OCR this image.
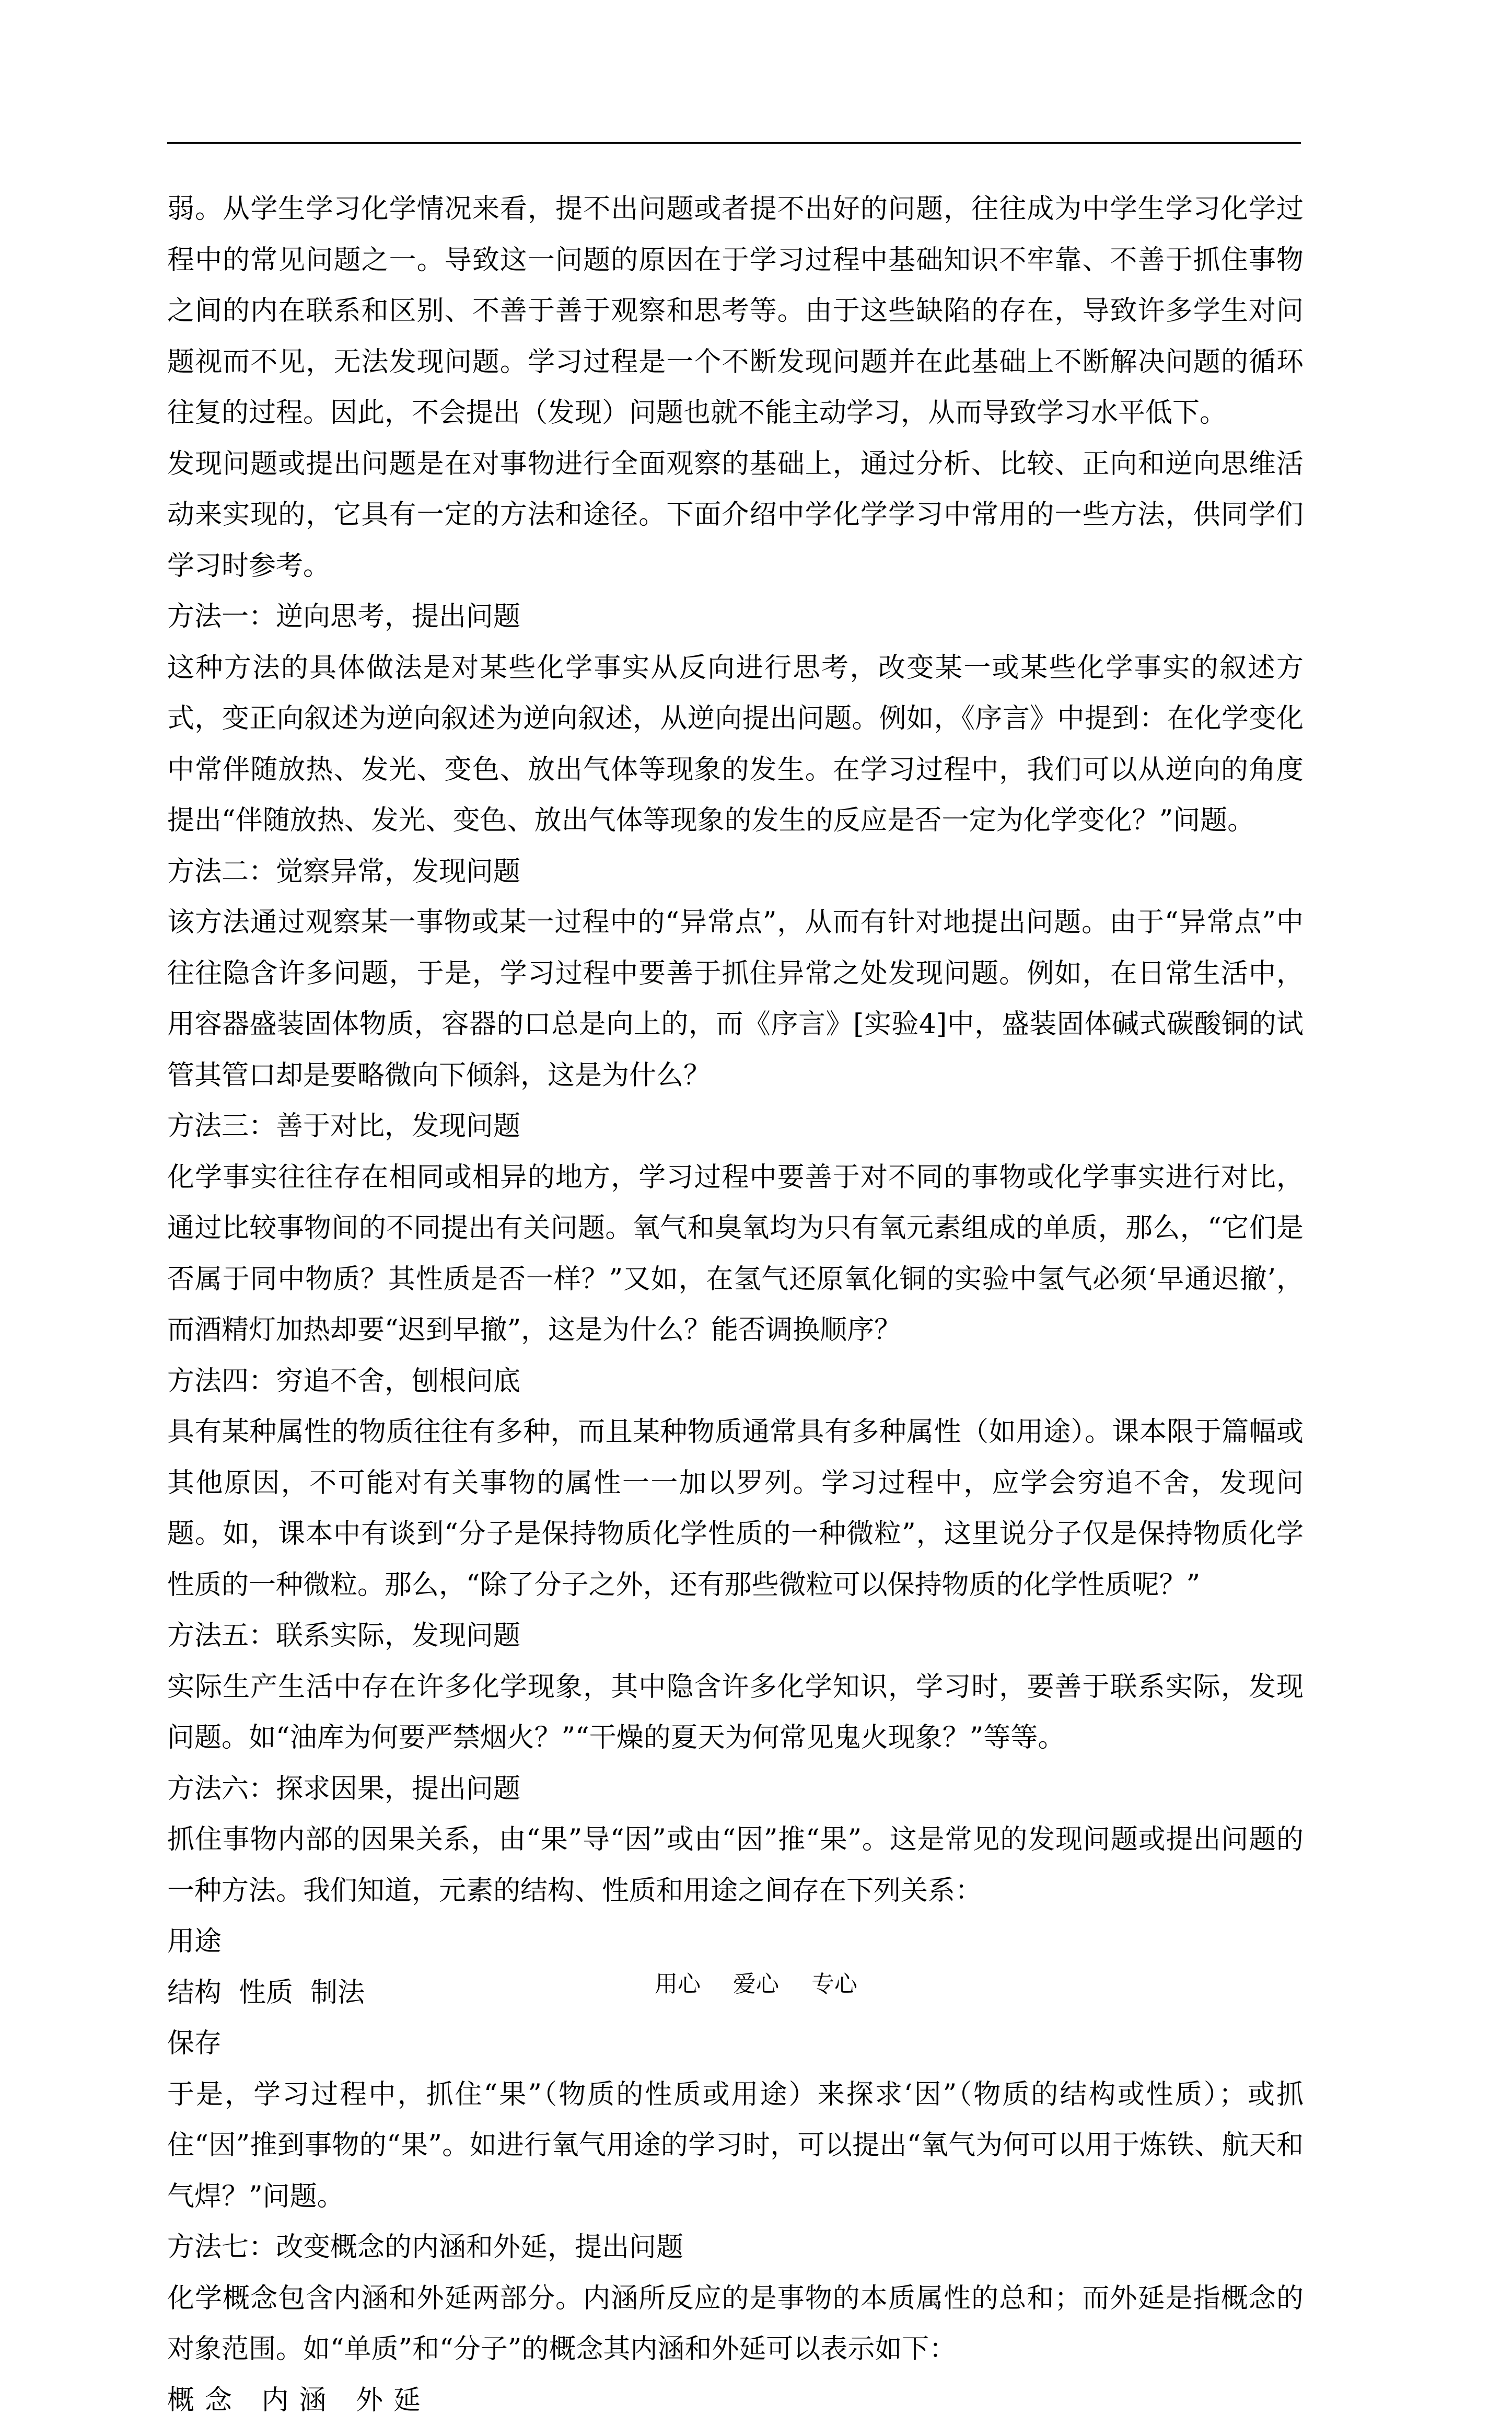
弱。从学生学习化学情况来看，提不出问题或者提不出好的问题，往往成为中学生学习化学过程中的常见问题之一。导致这一问题的原因在于学习过程中基础知识不牢靠、不善于抓住事物之间的内在联系和区别、不善于善于观察和思考等。由于这些缺陷的存在，导致许多学生对问题视而不见，无法发现问题。学习过程是一个不断发现问题并在此基础上不断解决问题的循环往复的过程。因此，不会提出（发现）问题也就不能主动学习，从而导致学习水平低下。

发现问题或提出问题是在对事物进行全面观察的基础上，通过分析、比较、正向和逆向思维活动来实现的，它具有一定的方法和途径。下面介绍中学化学学习中常用的一些方法，供同学们学习时参考。

方法一：逆向思考，提出问题

这种方法的具体做法是对某些化学事实从反向进行思考，改变某一或某些化学事实的叙述方式，变正向叙述为逆向叙述为逆向叙述，从逆向提出问题。例如，《序言》中提到：在化学变化中常伴随放热、发光、变色、放出气体等现象的发生。在学习过程中，我们可以从逆向的角度提出“伴随放热、发光、变色、放出气体等现象的发生的反应是否一定为化学变化？”问题。

方法二：觉察异常，发现问题

该方法通过观察某一事物或某一过程中的“异常点”，从而有针对地提出问题。由于“异常点”中往往隐含许多问题，于是，学习过程中要善于抓住异常之处发现问题。例如，在日常生活中，用容器盛装固体物质，容器的口总是向上的，而《序言》[实验4]中，盛装固体碱式碳酸铜的试管其管口却是要略微向下倾斜，这是为什么？

方法三：善于对比，发现问题

化学事实往往存在相同或相异的地方，学习过程中要善于对不同的事物或化学事实进行对比，通过比较事物间的不同提出有关问题。氧气和臭氧均为只有氧元素组成的单质，那么，“它们是否属于同中物质？其性质是否一样？”又如，在氢气还原氧化铜的实验中氢气必须‘早通迟撤’，而酒精灯加热却要“迟到早撤”，这是为什么？能否调换顺序？

方法四：穷追不舍，刨根问底

具有某种属性的物质往往有多种，而且某种物质通常具有多种属性（如用途）。课本限于篇幅或其他原因，不可能对有关事物的属性一一加以罗列。学习过程中，应学会穷追不舍，发现问题。如，课本中有谈到“分子是保持物质化学性质的一种微粒”，这里说分子仅是保持物质化学性质的一种微粒。那么，“除了分子之外，还有那些微粒可以保持物质的化学性质呢？”

方法五：联系实际，发现问题

实际生产生活中存在许多化学现象，其中隐含许多化学知识，学习时，要善于联系实际，发现问题。如“油库为何要严禁烟火？”“干燥的夏天为何常见鬼火现象？”等等。

方法六：探求因果，提出问题

抓住事物内部的因果关系，由“果”导“因”或由“因”推“果”。这是常见的发现问题或提出问题的一种方法。我们知道，元素的结构、性质和用途之间存在下列关系：

用途

结构  性质  制法

保存

于是，学习过程中，抓住“果”（物质的性质或用途）来探求‘因”（物质的结构或性质）；或抓住“因”推到事物的“果”。如进行氧气用途的学习时，可以提出“氧气为何可以用于炼铁、航天和气焊？”问题。

方法七：改变概念的内涵和外延，提出问题

化学概念包含内涵和外延两部分。内涵所反应的是事物的本质属性的总和；而外延是指概念的对象范围。如“单质”和“分子”的概念其内涵和外延可以表示如下：

概念 内涵 外延

用心 爱心 专心
